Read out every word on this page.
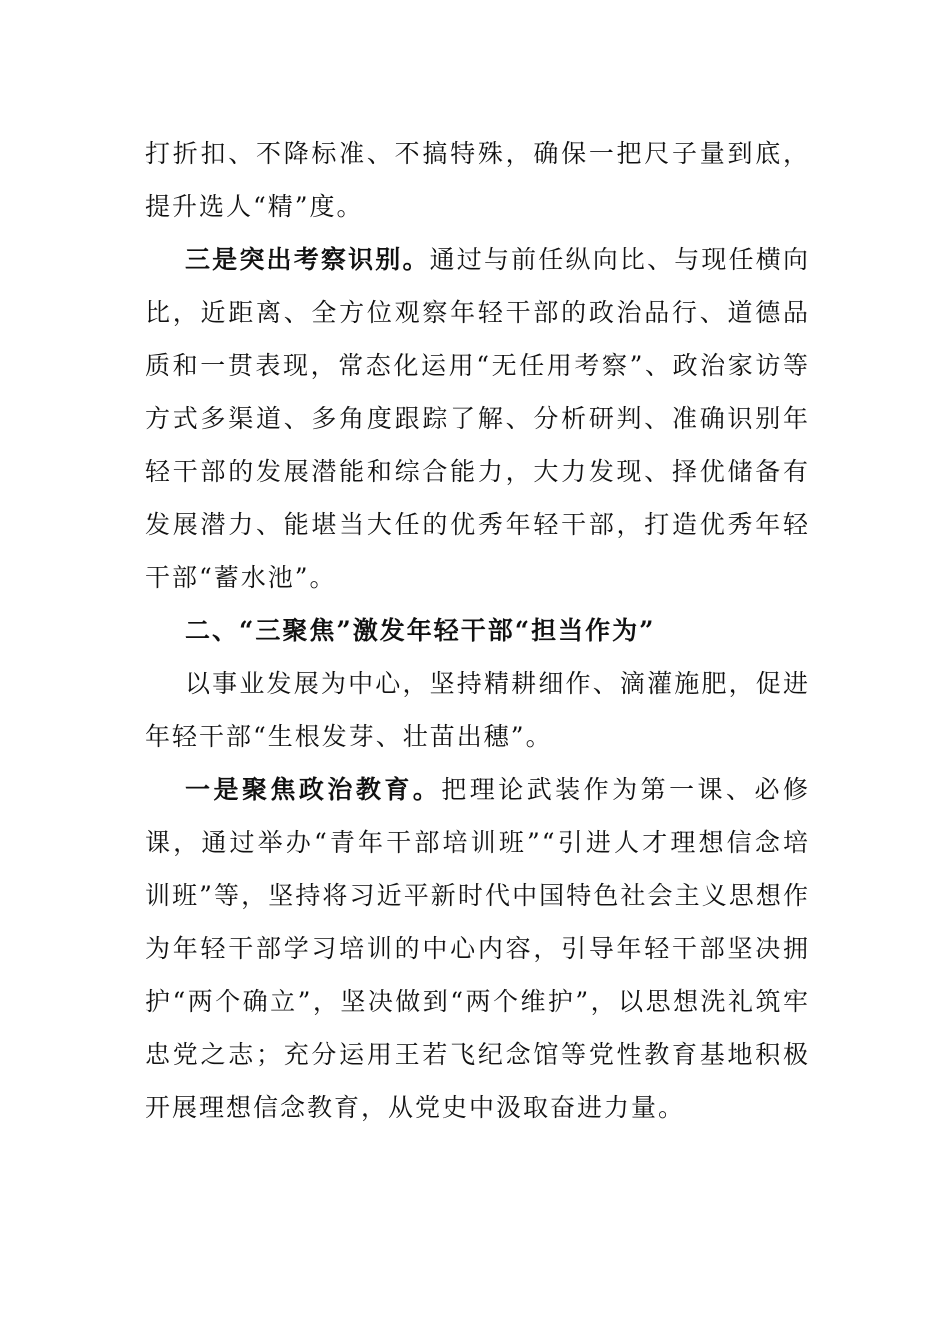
打折扣、不降标准、不搞特殊，确保一把尺子量到底，提升选人“精”度。

三是突出考察识别。通过与前任纵向比、与现任横向比，近距离、全方位观察年轻干部的政治品行、道德品质和一贯表现，常态化运用“无任用考察”、政治家访等方式多渠道、多角度跟踪了解、分析研判、准确识别年轻干部的发展潜能和综合能力，大力发现、择优储备有发展潜力、能堪当大任的优秀年轻干部，打造优秀年轻干部“蓄水池”。

二、“三聚焦”激发年轻干部“担当作为”

以事业发展为中心，坚持精耕细作、滴灌施肥，促进年轻干部“生根发芽、壮苗出穗”。

一是聚焦政治教育。把理论武装作为第一课、必修课，通过举办“青年干部培训班”“引进人才理想信念培训班”等，坚持将习近平新时代中国特色社会主义思想作为年轻干部学习培训的中心内容，引导年轻干部坚决拥护“两个确立”，坚决做到“两个维护”，以思想洗礼筑牢忠党之志；充分运用王若飞纪念馆等党性教育基地积极开展理想信念教育，从党史中汲取奋进力量。
